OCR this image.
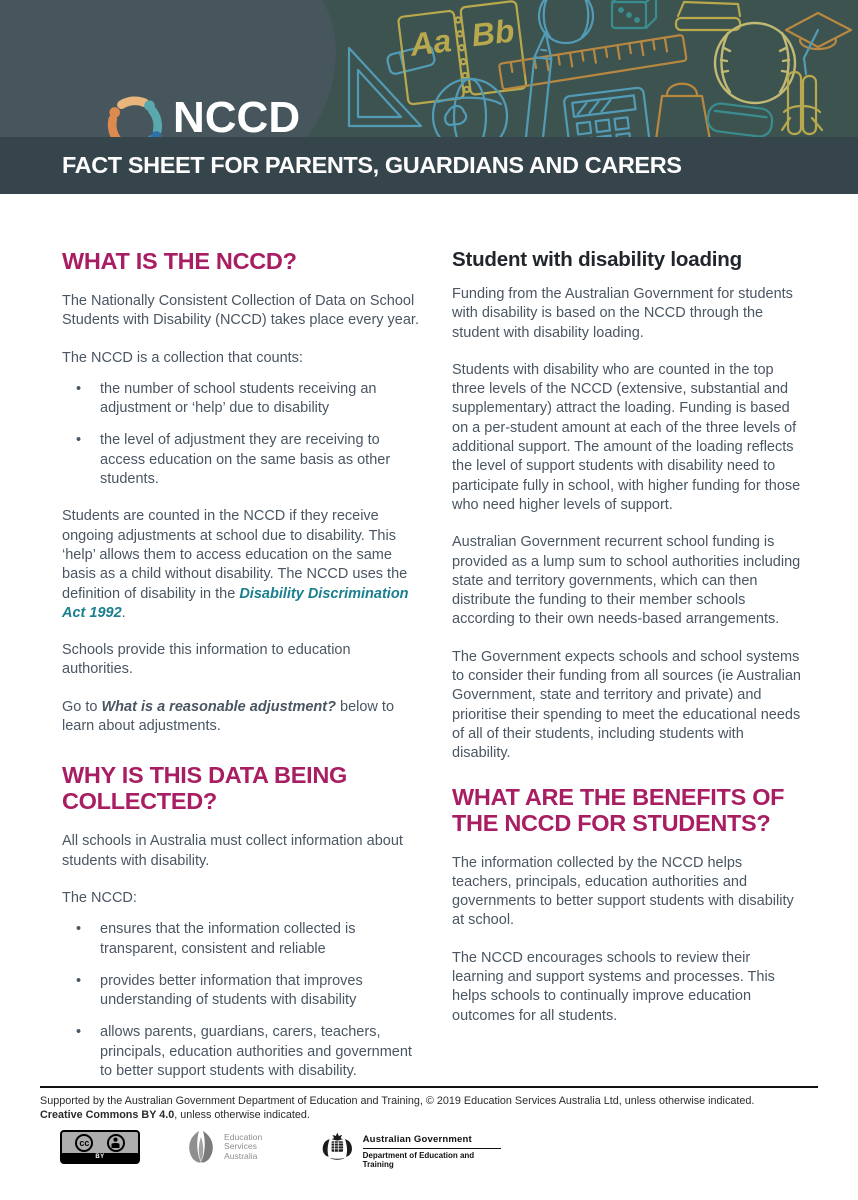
Aa Bb
NCCD
FACT SHEET FOR PARENTS, GUARDIANS AND CARERS
WHAT IS THE NCCD?

The Nationally Consistent Collection of Data on School Students with Disability (NCCD) takes place every year.

The NCCD is a collection that counts:

• the number of school students receiving an adjustment or ‘help’ due to disability
• the level of adjustment they are receiving to access education on the same basis as other students.

Students are counted in the NCCD if they receive ongoing adjustments at school due to disability. This ‘help’ allows them to access education on the same basis as a child without disability. The NCCD uses the definition of disability in the Disability Discrimination Act 1992.

Schools provide this information to education authorities.

Go to What is a reasonable adjustment? below to learn about adjustments.

WHY IS THIS DATA BEING
COLLECTED?

All schools in Australia must collect information about students with disability.

The NCCD:

• ensures that the information collected is transparent, consistent and reliable
• provides better information that improves understanding of students with disability
• allows parents, guardians, carers, teachers, principals, education authorities and government to better support students with disability.
Student with disability loading

Funding from the Australian Government for students with disability is based on the NCCD through the student with disability loading.

Students with disability who are counted in the top three levels of the NCCD (extensive, substantial and supplementary) attract the loading. Funding is based on a per-student amount at each of the three levels of additional support. The amount of the loading reflects the level of support students with disability need to participate fully in school, with higher funding for those who need higher levels of support.

Australian Government recurrent school funding is provided as a lump sum to school authorities including state and territory governments, which can then distribute the funding to their member schools according to their own needs-based arrangements.

The Government expects schools and school systems to consider their funding from all sources (ie Australian Government, state and territory and private) and prioritise their spending to meet the educational needs of all of their students, including students with disability.

WHAT ARE THE BENEFITS OF
THE NCCD FOR STUDENTS?

The information collected by the NCCD helps teachers, principals, education authorities and governments to better support students with disability at school.

The NCCD encourages schools to review their learning and support systems and processes. This helps schools to continually improve education outcomes for all students.

Supported by the Australian Government Department of Education and Training, © 2019 Education Services Australia Ltd, unless otherwise indicated.
Creative Commons BY 4.0, unless otherwise indicated.
cc
BY
Education
Services
Australia
Australian Government
Department of Education and Training
